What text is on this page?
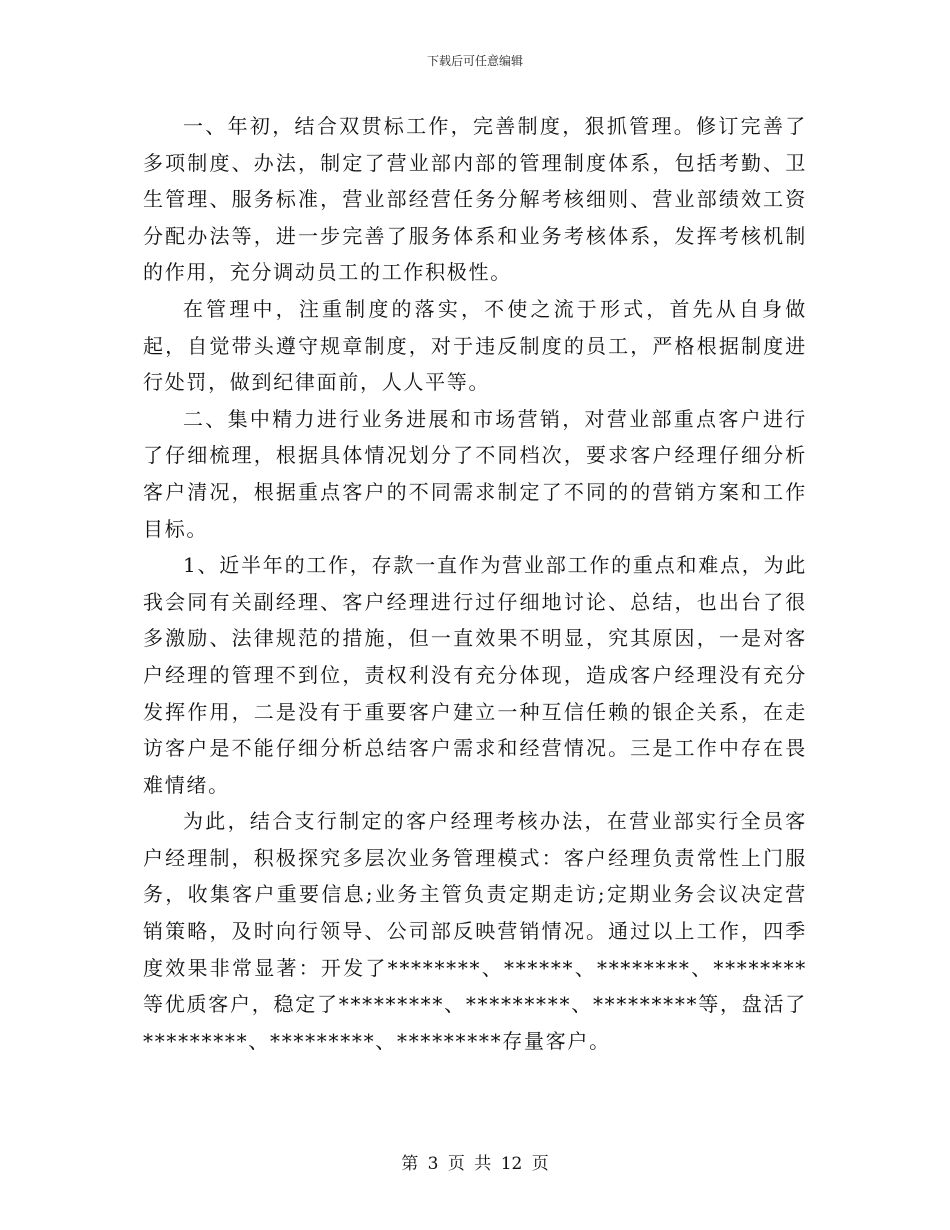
下载后可任意编辑

一、年初，结合双贯标工作，完善制度，狠抓管理。修订完善了多项制度、办法，制定了营业部内部的管理制度体系，包括考勤、卫生管理、服务标准，营业部经营任务分解考核细则、营业部绩效工资分配办法等，进一步完善了服务体系和业务考核体系，发挥考核机制的作用，充分调动员工的工作积极性。

在管理中，注重制度的落实，不使之流于形式，首先从自身做起，自觉带头遵守规章制度，对于违反制度的员工，严格根据制度进行处罚，做到纪律面前，人人平等。

二、集中精力进行业务进展和市场营销，对营业部重点客户进行了仔细梳理，根据具体情况划分了不同档次，要求客户经理仔细分析客户清况，根据重点客户的不同需求制定了不同的的营销方案和工作目标。

1、近半年的工作，存款一直作为营业部工作的重点和难点，为此我会同有关副经理、客户经理进行过仔细地讨论、总结，也出台了很多激励、法律规范的措施，但一直效果不明显，究其原因，一是对客户经理的管理不到位，责权利没有充分体现，造成客户经理没有充分发挥作用，二是没有于重要客户建立一种互信任赖的银企关系，在走访客户是不能仔细分析总结客户需求和经营情况。三是工作中存在畏难情绪。

为此，结合支行制定的客户经理考核办法，在营业部实行全员客户经理制，积极探究多层次业务管理模式：客户经理负责常性上门服务，收集客户重要信息;业务主管负责定期走访;定期业务会议决定营销策略，及时向行领导、公司部反映营销情况。通过以上工作，四季度效果非常显著：开发了********、******、********、********等优质客户，稳定了*********、*********、*********等，盘活了*********、*********、*********存量客户。

第 3 页 共 12 页
